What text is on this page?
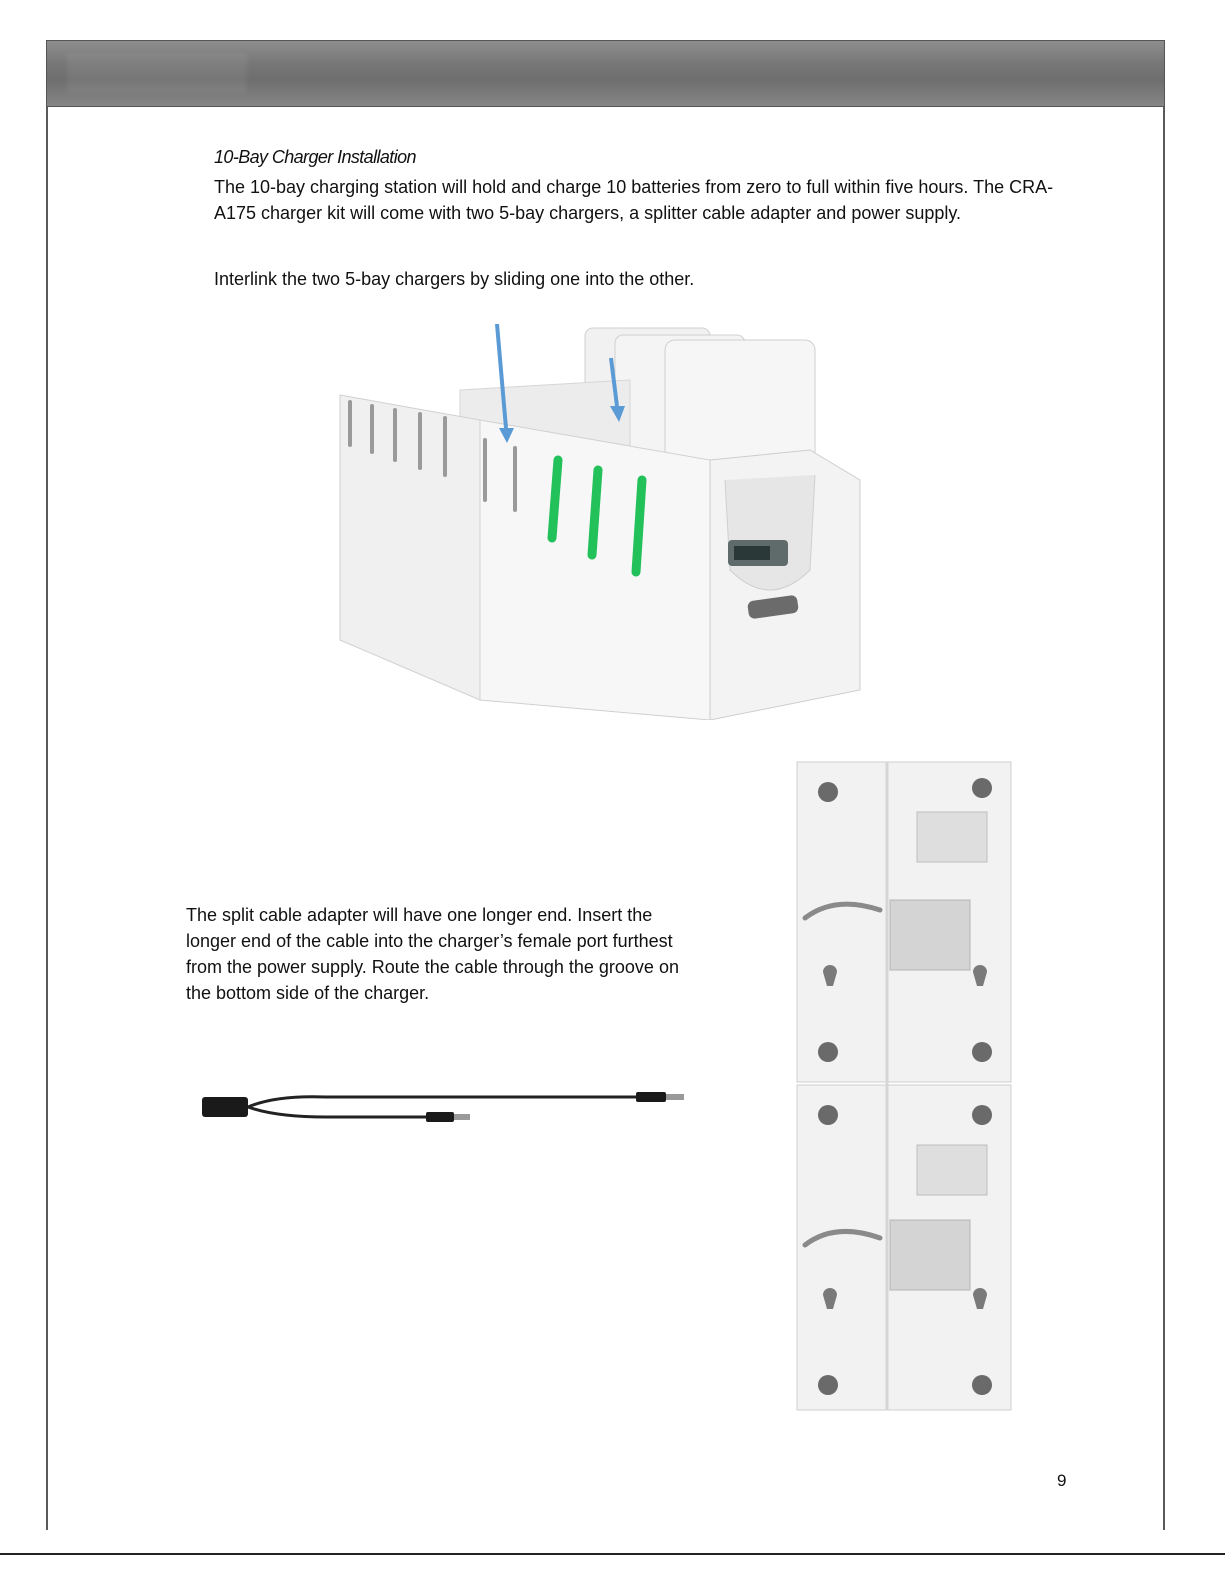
10-Bay Charger Installation
The 10-bay charging station will hold and charge 10 batteries from zero to full within five hours. The CRA-A175 charger kit will come with two 5-bay chargers, a splitter cable adapter and power supply.
Interlink the two 5-bay chargers by sliding one into the other.
The split cable adapter will have one longer end. Insert the longer end of the cable into the charger’s female port furthest from the power supply. Route the cable through the groove on the bottom side of the charger.
9
